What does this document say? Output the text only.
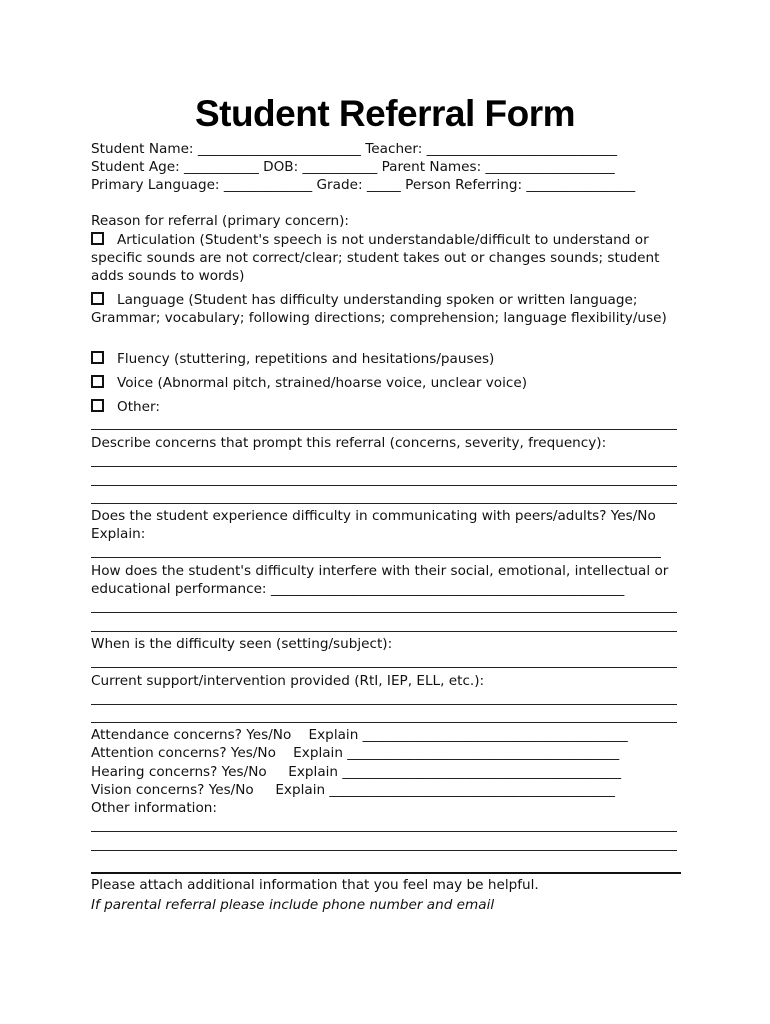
Student Referral Form
Student Name: ________________________ Teacher: ____________________________
Student Age: ___________ DOB: ___________ Parent Names: ___________________
Primary Language: _____________ Grade: _____ Person Referring: ________________
Reason for referral (primary concern):
Articulation (Student's speech is not understandable/difficult to understand or specific sounds are not correct/clear; student takes out or changes sounds; student adds sounds to words)
Language (Student has difficulty understanding spoken or written language; Grammar; vocabulary; following directions; comprehension; language flexibility/use)
Fluency (stuttering, repetitions and hesitations/pauses)
Voice (Abnormal pitch, strained/hoarse voice, unclear voice)
Other:
Describe concerns that prompt this referral (concerns, severity, frequency):
Does the student experience difficulty in communicating with peers/adults? Yes/No
Explain:
How does the student's difficulty interfere with their social, emotional, intellectual or
educational performance: ____________________________________________________
When is the difficulty seen (setting/subject):
Current support/intervention provided (RtI, IEP, ELL, etc.):
Attendance concerns? Yes/No    Explain _______________________________________
Attention concerns? Yes/No    Explain ________________________________________
Hearing concerns? Yes/No     Explain _________________________________________
Vision concerns? Yes/No     Explain __________________________________________
Other information:
Please attach additional information that you feel may be helpful.
If parental referral please include phone number and email
